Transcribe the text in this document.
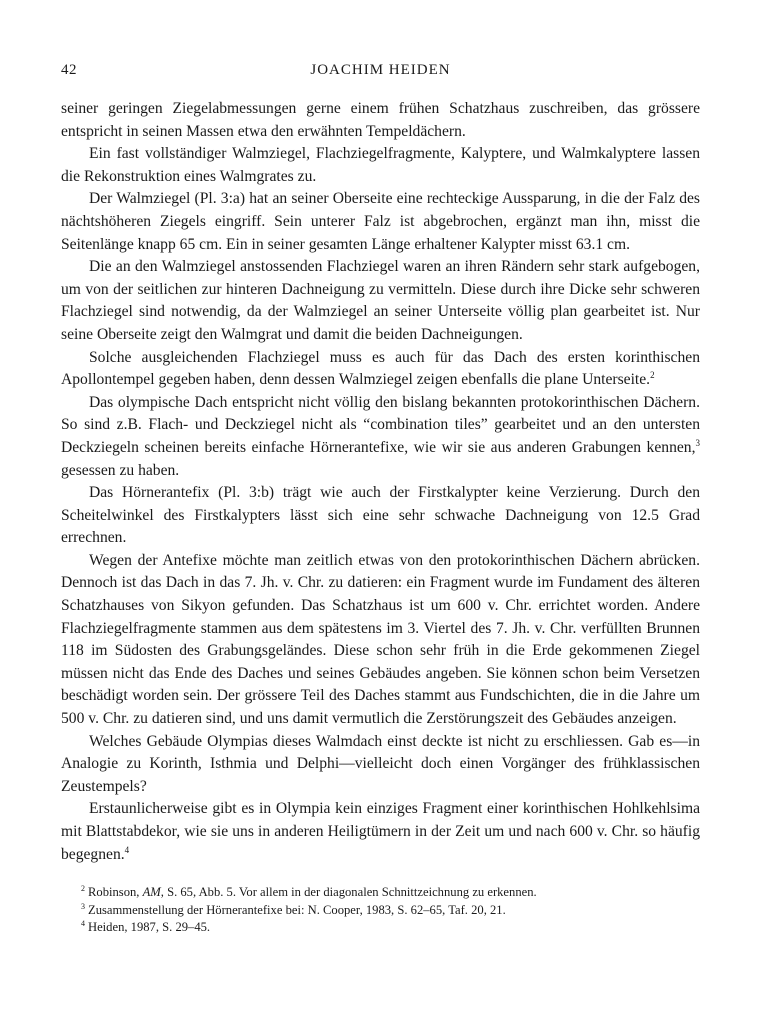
42	JOACHIM HEIDEN

seiner geringen Ziegelabmessungen gerne einem frühen Schatzhaus zuschreiben, das grössere entspricht in seinen Massen etwa den erwähnten Tempeldächern.

Ein fast vollständiger Walmziegel, Flachziegelfragmente, Kalyptere, und Walmkalyptere lassen die Rekonstruktion eines Walmgrates zu.

Der Walmziegel (Pl. 3:a) hat an seiner Oberseite eine rechteckige Aussparung, in die der Falz des nächtshöheren Ziegels eingriff. Sein unterer Falz ist abgebrochen, ergänzt man ihn, misst die Seitenlänge knapp 65 cm. Ein in seiner gesamten Länge erhaltener Kalypter misst 63.1 cm.

Die an den Walmziegel anstossenden Flachziegel waren an ihren Rändern sehr stark aufgebogen, um von der seitlichen zur hinteren Dachneigung zu vermitteln. Diese durch ihre Dicke sehr schweren Flachziegel sind notwendig, da der Walmziegel an seiner Unterseite völlig plan gearbeitet ist. Nur seine Oberseite zeigt den Walmgrat und damit die beiden Dachneigungen.

Solche ausgleichenden Flachziegel muss es auch für das Dach des ersten korinthischen Apollontempel gegeben haben, denn dessen Walmziegel zeigen ebenfalls die plane Unterseite.$^2$

Das olympische Dach entspricht nicht völlig den bislang bekannten protokorinthischen Dächern. So sind z.B. Flach- und Deckziegel nicht als “combination tiles” gearbeitet und an den untersten Deckziegeln scheinen bereits einfache Hörnerantefixe, wie wir sie aus anderen Grabungen kennen,$^3$ gesessen zu haben.

Das Hörnerantefix (Pl. 3:b) trägt wie auch der Firstkalypter keine Verzierung. Durch den Scheitelwinkel des Firstkalypters lässt sich eine sehr schwache Dachneigung von 12.5 Grad errechnen.

Wegen der Antefixe möchte man zeitlich etwas von den protokorinthischen Dächern abrücken. Dennoch ist das Dach in das 7. Jh. v. Chr. zu datieren: ein Fragment wurde im Fundament des älteren Schatzhauses von Sikyon gefunden. Das Schatzhaus ist um 600 v. Chr. errichtet worden. Andere Flachziegelfragmente stammen aus dem spätestens im 3. Viertel des 7. Jh. v. Chr. verfüllten Brunnen 118 im Südosten des Grabungsgeländes. Diese schon sehr früh in die Erde gekommenen Ziegel müssen nicht das Ende des Daches und seines Gebäudes angeben. Sie können schon beim Versetzen beschädigt worden sein. Der grössere Teil des Daches stammt aus Fundschichten, die in die Jahre um 500 v. Chr. zu datieren sind, und uns damit vermutlich die Zerstörungszeit des Gebäudes anzeigen.

Welches Gebäude Olympias dieses Walmdach einst deckte ist nicht zu erschliessen. Gab es—in Analogie zu Korinth, Isthmia und Delphi—vielleicht doch einen Vorgänger des frühklassischen Zeustempels?

Erstaunlicherweise gibt es in Olympia kein einziges Fragment einer korinthischen Hohlkehlsima mit Blattstabdekor, wie sie uns in anderen Heiligtümern in der Zeit um und nach 600 v. Chr. so häufig begegnen.$^4$

$^2$ Robinson, AM, S. 65, Abb. 5. Vor allem in der diagonalen Schnittzeichnung zu erkennen.

$^3$ Zusammenstellung der Hörnerantefixe bei: N. Cooper, 1983, S. 62–65, Taf. 20, 21.

$^4$ Heiden, 1987, S. 29–45.
